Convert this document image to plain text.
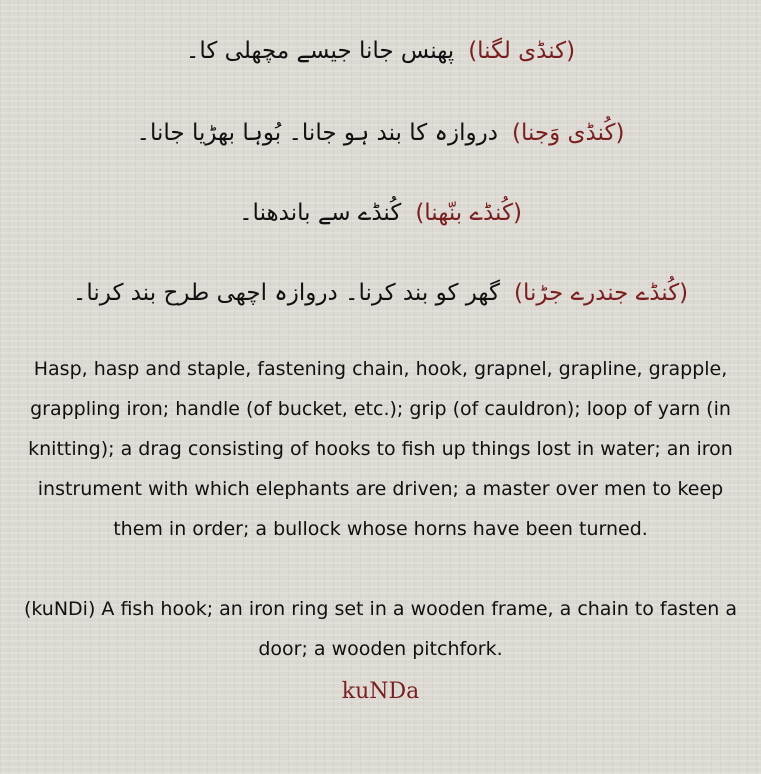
(کنڈی لگنا)پھنس جانا جیسے مچھلی کا۔
(کُنڈی وَجنا)دروازہ کا بند ہو جانا۔ بُوہا بھڑیا جانا۔
(کُنڈے بنّھنا)کُنڈے سے باندھنا۔
(کُنڈے جندرے جڑنا)گھر کو بند کرنا۔ دروازہ اچھی طرح بند کرنا۔
Hasp, hasp and staple, fastening chain, hook, grapnel, grapline, grapple, grappling iron; handle (of bucket, etc.); grip (of cauldron); loop of yarn (in knitting); a drag consisting of hooks to fish up things lost in water; an iron instrument with which elephants are driven; a master over men to keep them in order; a bullock whose horns have been turned.
(kuNDi) A fish hook; an iron ring set in a wooden frame, a chain to fasten a door; a wooden pitchfork.
kuNDa
